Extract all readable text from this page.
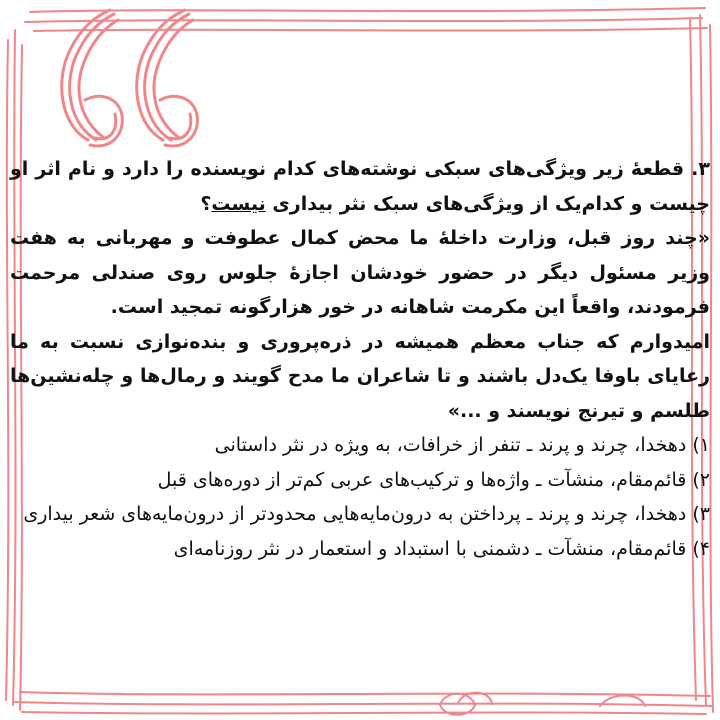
۳. قطعهٔ زیر ویژگی‌های سبکی نوشته‌های کدام نویسنده را دارد و نام اثر او چیست و کدام‌یک از ویژگی‌های سبک نثر بیداری نیست؟

«چند روز قبل، وزارت داخلهٔ ما محض کمال عطوفت و مهربانی به هفت وزیر مسئول دیگر در حضور خودشان اجازهٔ جلوس روی صندلی مرحمت فرمودند، واقعاً این مکرمت شاهانه در خور هزارگونه تمجید است.

امیدوارم که جناب معظم همیشه در ذره‌پروری و بنده‌نوازی نسبت به ما رعایای باوفا یک‌دل باشند و تا شاعران ما مدح گویند و رمال‌ها و چله‌نشین‌ها طلسم و تیرنج نویسند و ...»

۱) دهخدا، چرند و پرند ـ تنفر از خرافات، به ویژه در نثر داستانی

۲) قائم‌مقام، منشآت ـ واژه‌ها و ترکیب‌های عربی کم‌تر از دوره‌های قبل

۳) دهخدا، چرند و پرند ـ پرداختن به درون‌مایه‌هایی محدودتر از درون‌مایه‌های شعر بیداری

۴) قائم‌مقام، منشآت ـ دشمنی با استبداد و استعمار در نثر روزنامه‌ای
